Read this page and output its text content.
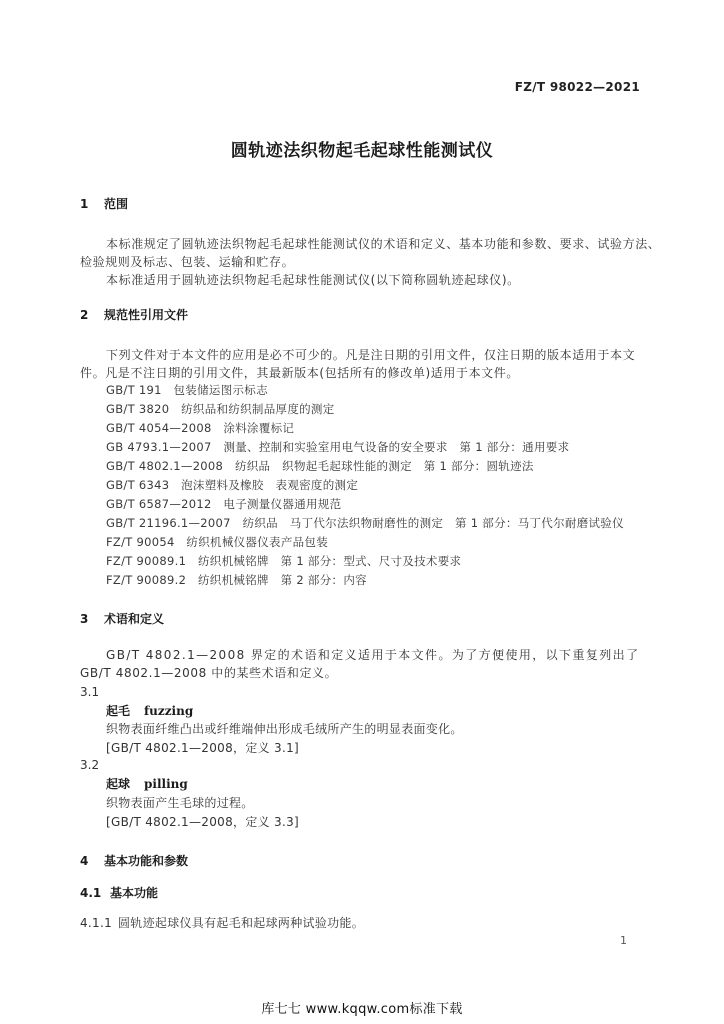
FZ/T 98022—2021
圆轨迹法织物起毛起球性能测试仪
1 范围
本标准规定了圆轨迹法织物起毛起球性能测试仪的术语和定义、基本功能和参数、要求、试验方法、
检验规则及标志、包装、运输和贮存。
本标准适用于圆轨迹法织物起毛起球性能测试仪(以下简称圆轨迹起球仪)。
2 规范性引用文件
下列文件对于本文件的应用是必不可少的。凡是注日期的引用文件，仅注日期的版本适用于本文
件。凡是不注日期的引用文件，其最新版本(包括所有的修改单)适用于本文件。
GB/T 191　包装储运图示标志
GB/T 3820　纺织品和纺织制品厚度的测定
GB/T 4054—2008　涂料涂覆标记
GB 4793.1—2007　测量、控制和实验室用电气设备的安全要求　第 1 部分：通用要求
GB/T 4802.1—2008　纺织品　织物起毛起球性能的测定　第 1 部分：圆轨迹法
GB/T 6343　泡沫塑料及橡胶　表观密度的测定
GB/T 6587—2012　电子测量仪器通用规范
GB/T 21196.1—2007　纺织品　马丁代尔法织物耐磨性的测定　第 1 部分：马丁代尔耐磨试验仪
FZ/T 90054　纺织机械仪器仪表产品包装
FZ/T 90089.1　纺织机械铭牌　第 1 部分：型式、尺寸及技术要求
FZ/T 90089.2　纺织机械铭牌　第 2 部分：内容
3 术语和定义
GB/T 4802.1—2008 界定的术语和定义适用于本文件。为了方便使用，以下重复列出了
GB/T 4802.1—2008 中的某些术语和定义。
3.1
起毛 fuzzing
织物表面纤维凸出或纤维端伸出形成毛绒所产生的明显表面变化。
[GB/T 4802.1—2008，定义 3.1]
3.2
起球 pilling
织物表面产生毛球的过程。
[GB/T 4802.1—2008，定义 3.3]
4 基本功能和参数
4.1 基本功能
4.1.1 圆轨迹起球仪具有起毛和起球两种试验功能。
1
库七七 www.kqqw.com标准下载
